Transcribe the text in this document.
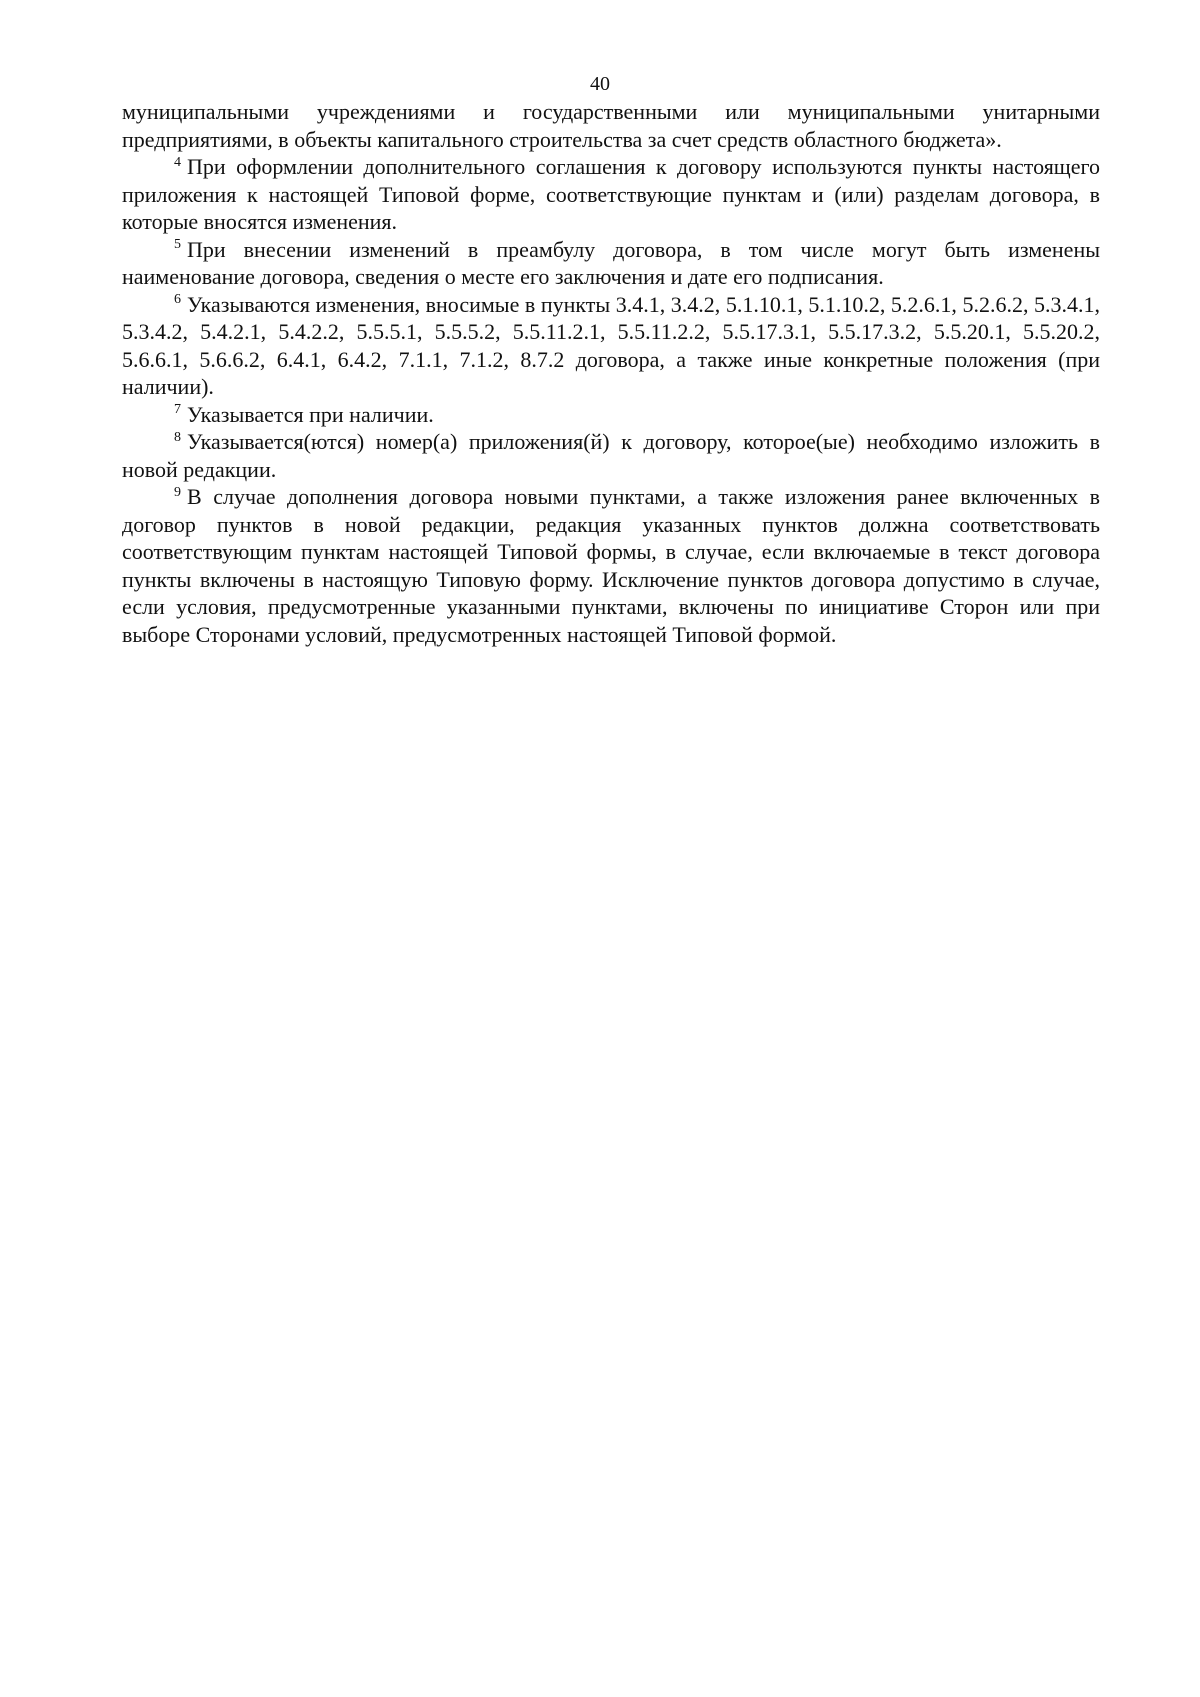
40

муниципальными учреждениями и государственными или муниципальными унитарными предприятиями, в объекты капитального строительства за счет средств областного бюджета».

$^4$ При оформлении дополнительного соглашения к договору используются пункты настоящего приложения к настоящей Типовой форме, соответствующие пунктам и (или) разделам договора, в которые вносятся изменения.

$^5$ При внесении изменений в преамбулу договора, в том числе могут быть изменены наименование договора, сведения о месте его заключения и дате его подписания.

$^6$ Указываются изменения, вносимые в пункты 3.4.1, 3.4.2, 5.1.10.1, 5.1.10.2, 5.2.6.1, 5.2.6.2, 5.3.4.1, 5.3.4.2, 5.4.2.1, 5.4.2.2, 5.5.5.1, 5.5.5.2, 5.5.11.2.1, 5.5.11.2.2, 5.5.17.3.1, 5.5.17.3.2, 5.5.20.1, 5.5.20.2, 5.6.6.1, 5.6.6.2, 6.4.1, 6.4.2, 7.1.1, 7.1.2, 8.7.2 договора, а также иные конкретные положения (при наличии).

$^7$ Указывается при наличии.

$^8$ Указывается(ются) номер(а) приложения(й) к договору, которое(ые) необходимо изложить в новой редакции.

$^9$ В случае дополнения договора новыми пунктами, а также изложения ранее включенных в договор пунктов в новой редакции, редакция указанных пунктов должна соответствовать соответствующим пунктам настоящей Типовой формы, в случае, если включаемые в текст договора пункты включены в настоящую Типовую форму. Исключение пунктов договора допустимо в случае, если условия, предусмотренные указанными пунктами, включены по инициативе Сторон или при выборе Сторонами условий, предусмотренных настоящей Типовой формой.
